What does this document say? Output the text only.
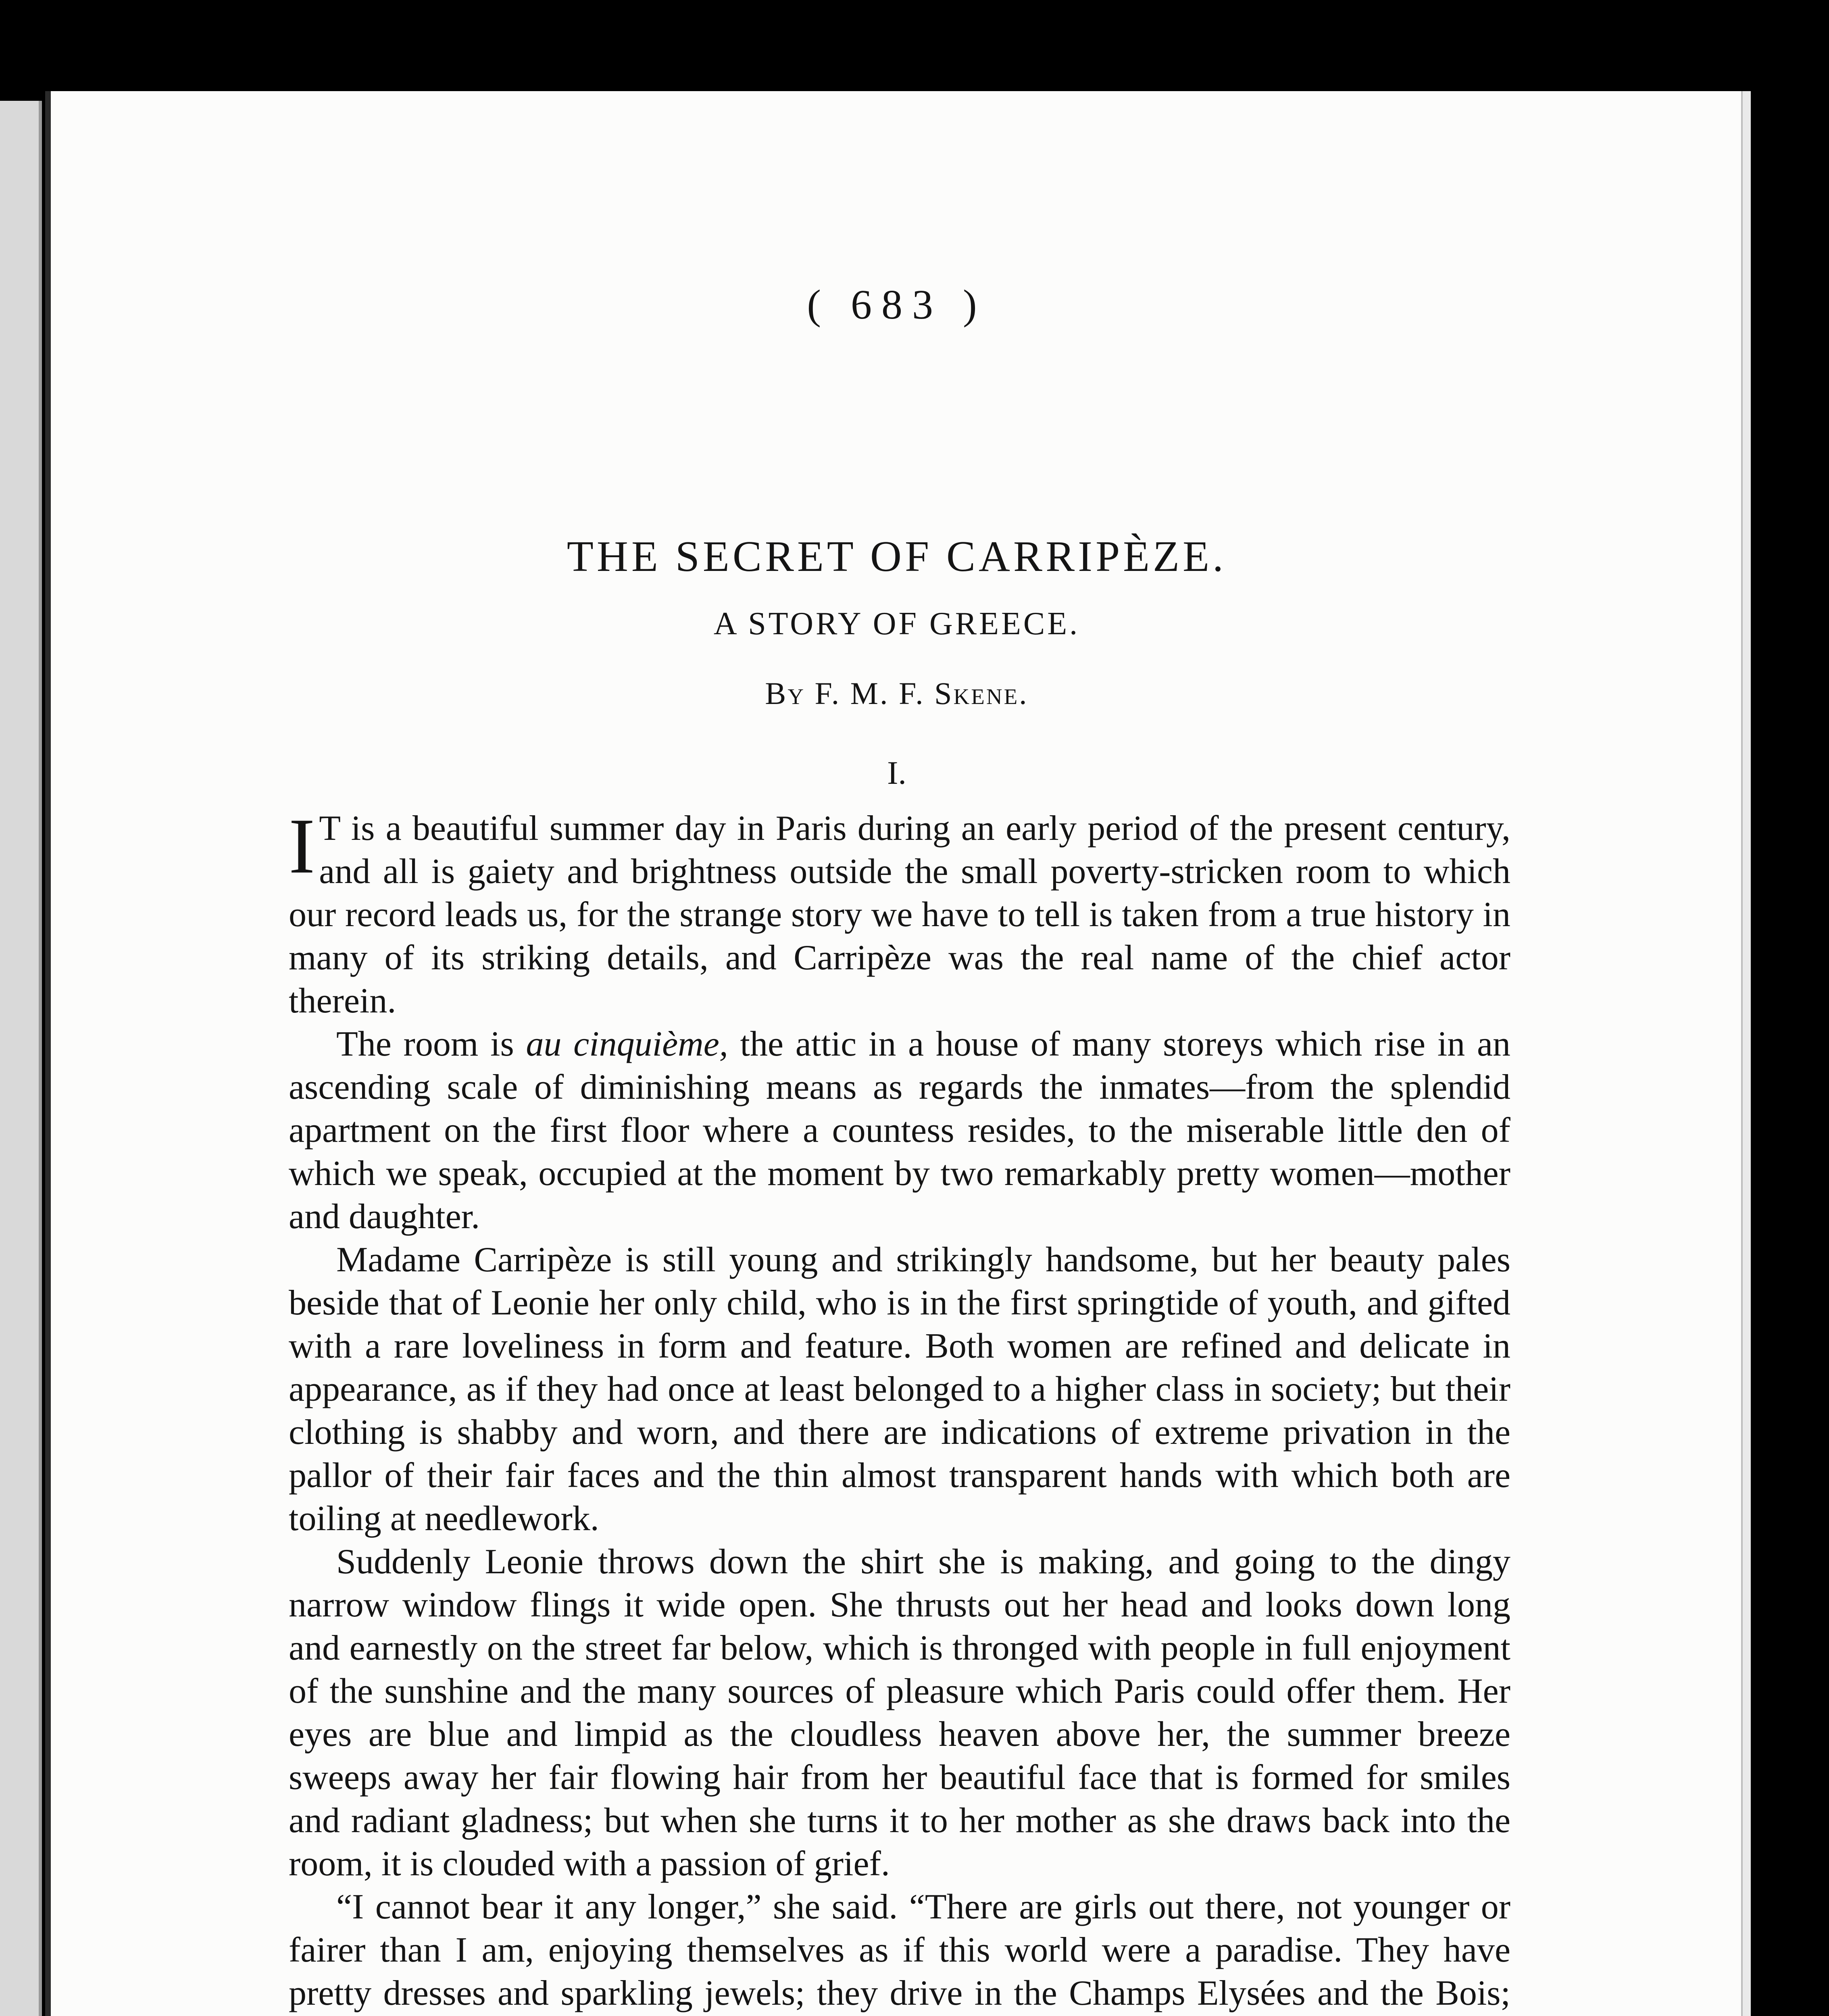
( 683 )
THE SECRET OF CARRIPÈZE.
A STORY OF GREECE.
By F. M. F. Skene.
I.

I T is a beautiful summer day in Paris during an early period of the present century, and all is gaiety and brightness outside the small poverty-stricken room to which our record leads us, for the strange story we have to tell is taken from a true history in many of its striking details, and Carripèze was the real name of the chief actor therein.

The room is au cinquième, the attic in a house of many storeys which rise in an ascending scale of diminishing means as regards the inmates—from the splendid apartment on the first floor where a countess resides, to the miserable little den of which we speak, occupied at the moment by two remarkably pretty women—mother and daughter.

Madame Carripèze is still young and strikingly handsome, but her beauty pales beside that of Leonie her only child, who is in the first springtide of youth, and gifted with a rare loveliness in form and feature. Both women are refined and delicate in appearance, as if they had once at least belonged to a higher class in society; but their clothing is shabby and worn, and there are indications of extreme privation in the pallor of their fair faces and the thin almost transparent hands with which both are toiling at needlework.

Suddenly Leonie throws down the shirt she is making, and going to the dingy narrow window flings it wide open. She thrusts out her head and looks down long and earnestly on the street far below, which is thronged with people in full enjoyment of the sunshine and the many sources of pleasure which Paris could offer them. Her eyes are blue and limpid as the cloudless heaven above her, the summer breeze sweeps away her fair flowing hair from her beautiful face that is formed for smiles and radiant gladness; but when she turns it to her mother as she draws back into the room, it is clouded with a passion of grief.

“I cannot bear it any longer,” she said. “There are girls out there, not younger or fairer than I am, enjoying themselves as if this world were a paradise. They have pretty dresses and sparkling jewels; they drive in the Champs Elysées and the Bois;
